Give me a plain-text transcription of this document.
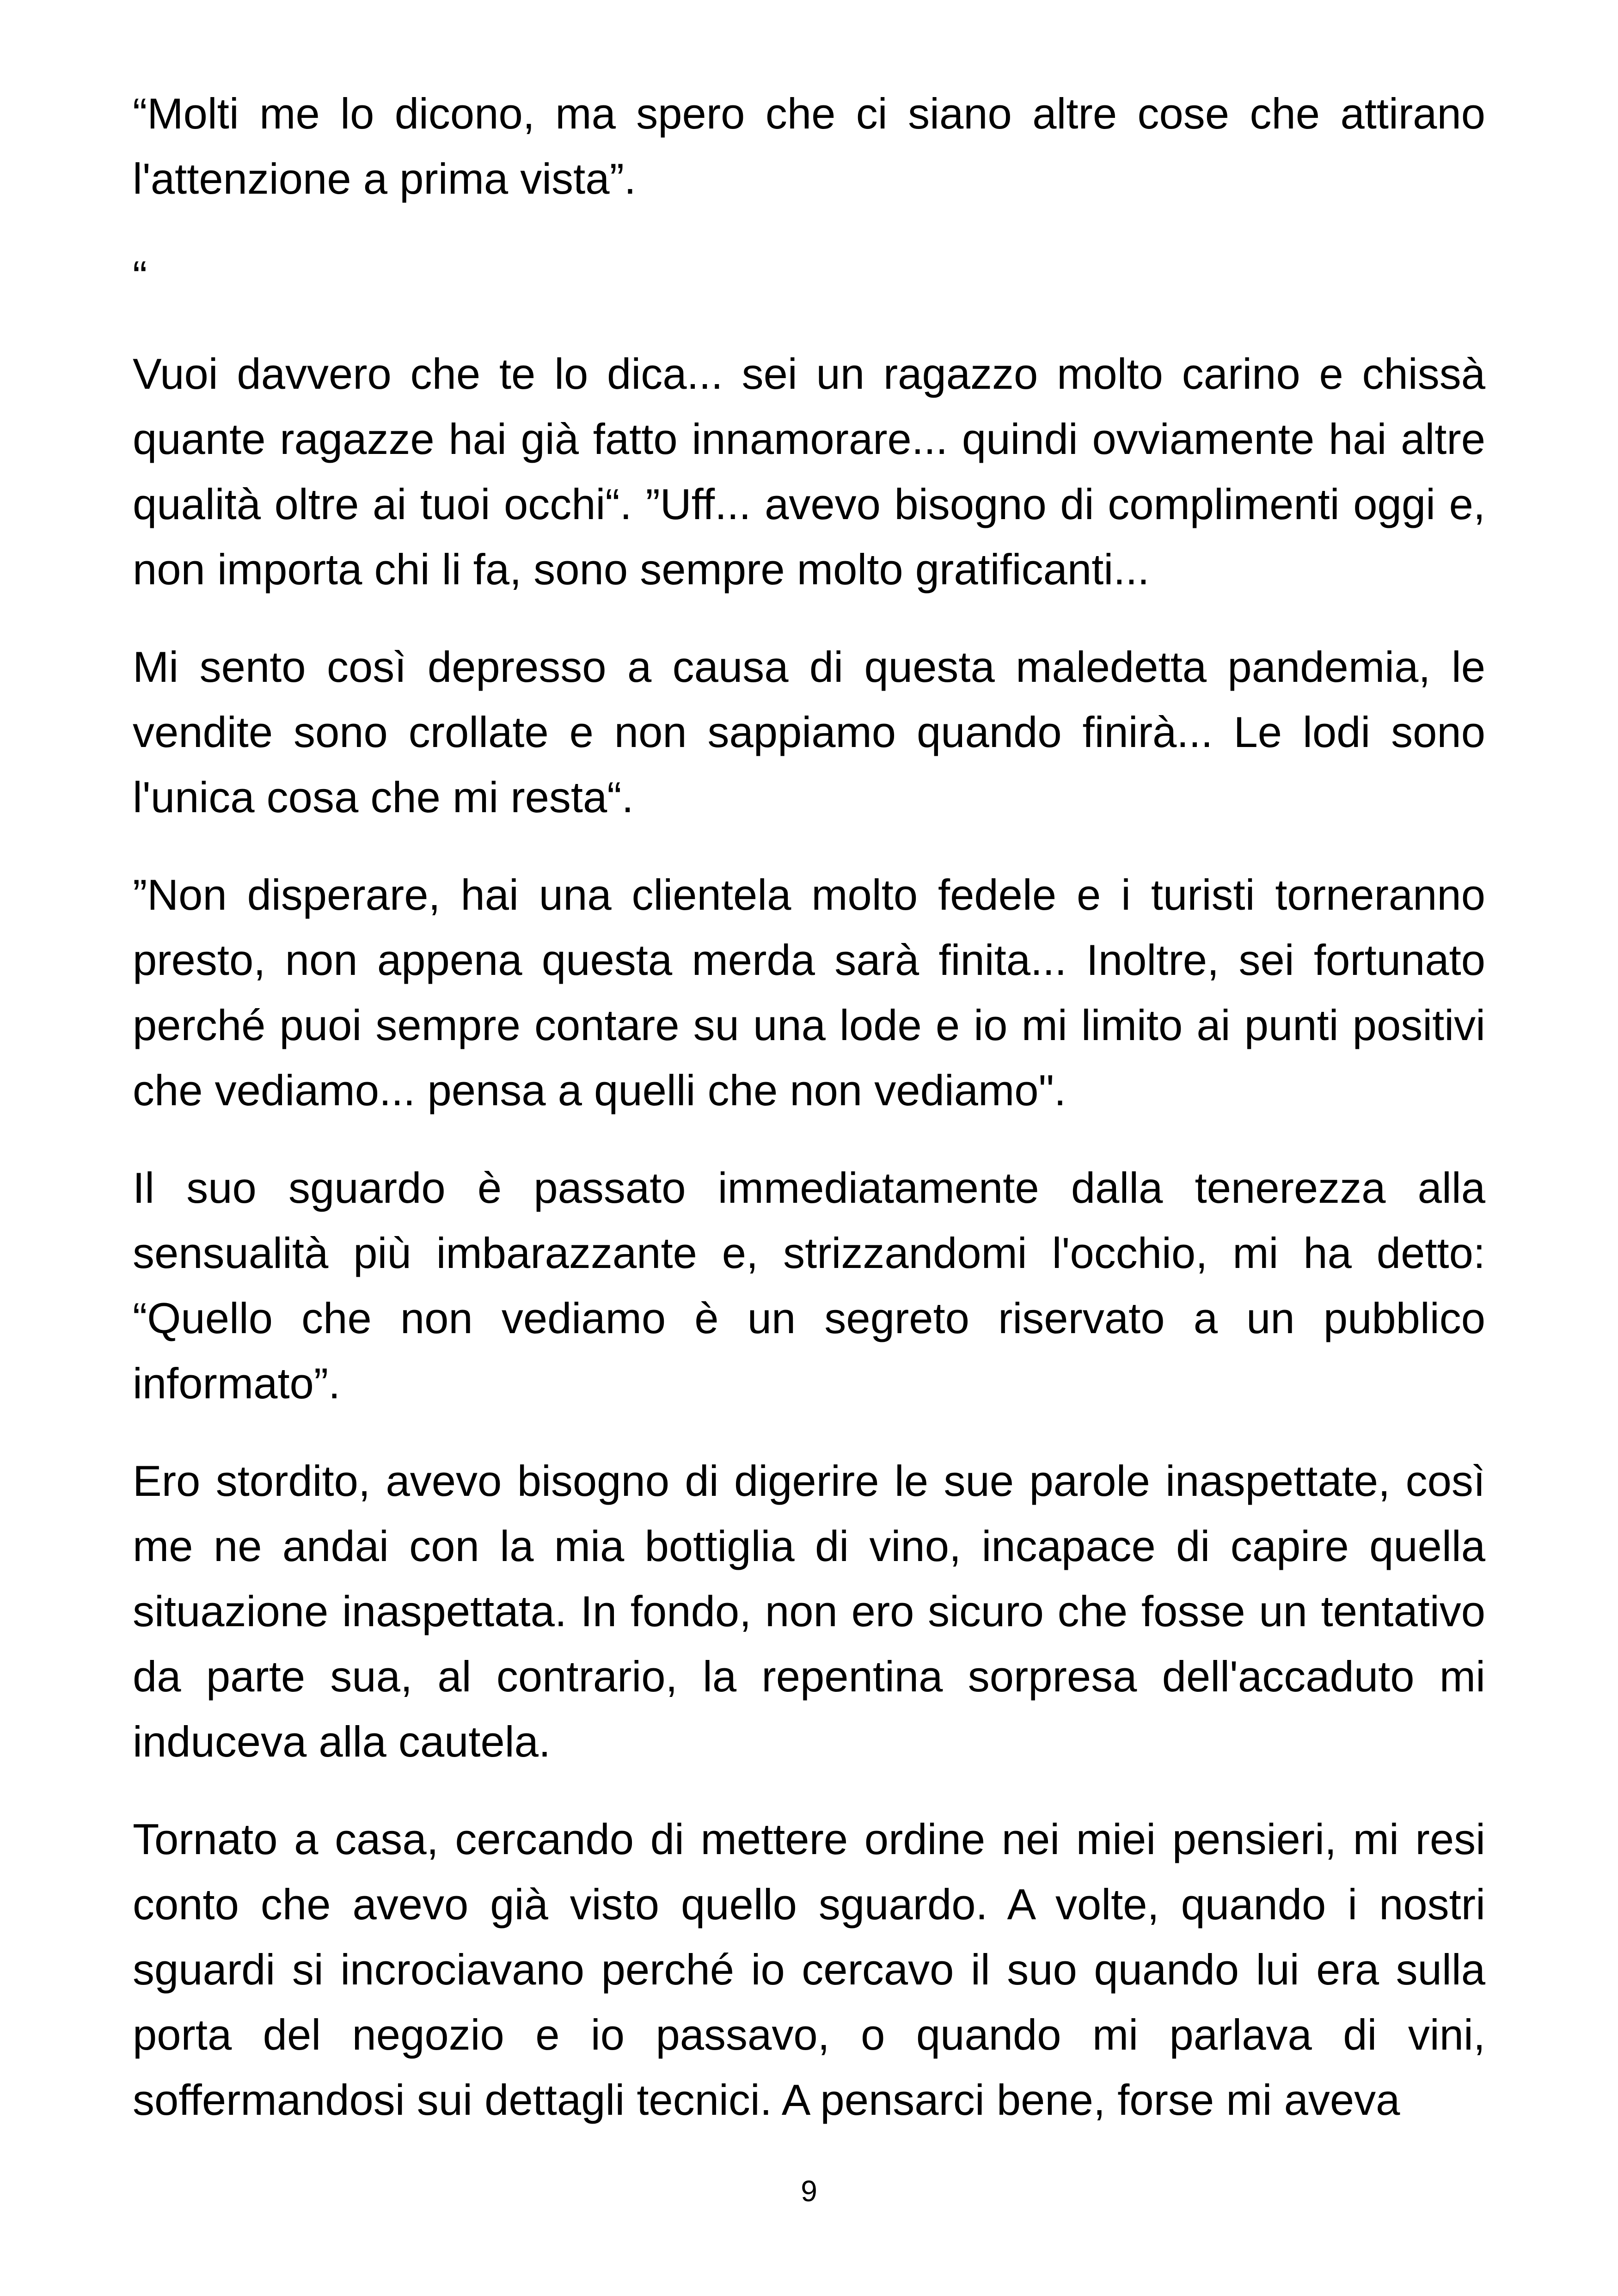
“Molti me lo dicono, ma spero che ci siano altre cose che attirano l'attenzione a prima vista”.

“

Vuoi davvero che te lo dica... sei un ragazzo molto carino e chissà quante ragazze hai già fatto innamorare... quindi ovviamente hai altre qualità oltre ai tuoi occhi“. ”Uff... avevo bisogno di complimenti oggi e, non importa chi li fa, sono sempre molto gratificanti...

Mi sento così depresso a causa di questa maledetta pandemia, le vendite sono crollate e non sappiamo quando finirà... Le lodi sono l'unica cosa che mi resta“.

”Non disperare, hai una clientela molto fedele e i turisti torneranno presto, non appena questa merda sarà finita... Inoltre, sei fortunato perché puoi sempre contare su una lode e io mi limito ai punti positivi che vediamo... pensa a quelli che non vediamo".

Il suo sguardo è passato immediatamente dalla tenerezza alla sensualità più imbarazzante e, strizzandomi l'occhio, mi ha detto: “Quello che non vediamo è un segreto riservato a un pubblico informato”.

Ero stordito, avevo bisogno di digerire le sue parole inaspettate, così me ne andai con la mia bottiglia di vino, incapace di capire quella situazione inaspettata. In fondo, non ero sicuro che fosse un tentativo da parte sua, al contrario, la repentina sorpresa dell'accaduto mi induceva alla cautela.

Tornato a casa, cercando di mettere ordine nei miei pensieri, mi resi conto che avevo già visto quello sguardo. A volte, quando i nostri sguardi si incrociavano perché io cercavo il suo quando lui era sulla porta del negozio e io passavo, o quando mi parlava di vini, soffermandosi sui dettagli tecnici. A pensarci bene, forse mi aveva

9
